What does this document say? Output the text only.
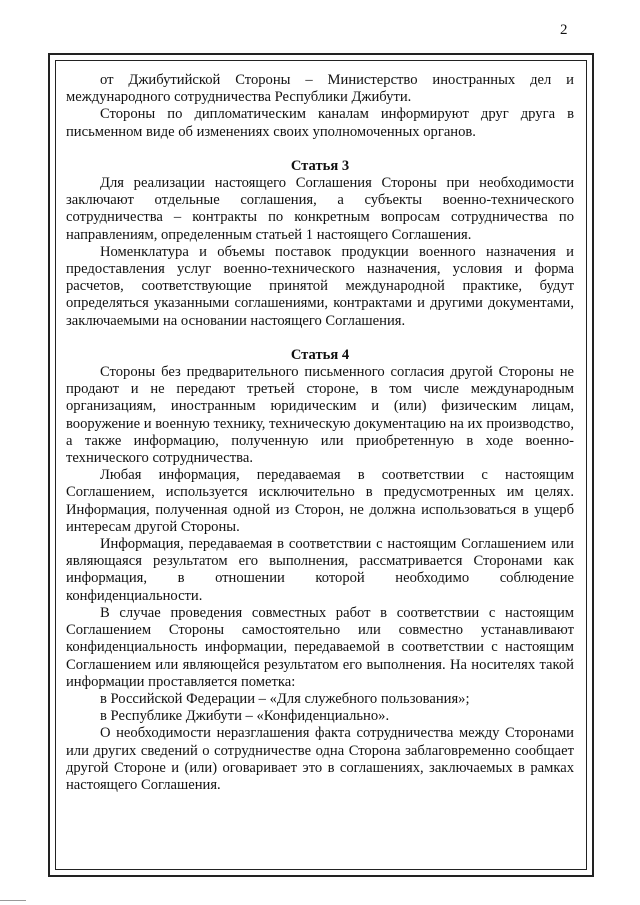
2

от Джибутийской Стороны – Министерство иностранных дел и международного сотрудничества Республики Джибути.

Стороны по дипломатическим каналам информируют друг друга в письменном виде об изменениях своих уполномоченных органов.

Статья 3

Для реализации настоящего Соглашения Стороны при необходимости заключают отдельные соглашения, а субъекты военно-технического сотрудничества – контракты по конкретным вопросам сотрудничества по направлениям, определенным статьей 1 настоящего Соглашения.

Номенклатура и объемы поставок продукции военного назначения и предоставления услуг военно-технического назначения, условия и форма расчетов, соответствующие принятой международной практике, будут определяться указанными соглашениями, контрактами и другими документами, заключаемыми на основании настоящего Соглашения.

Статья 4

Стороны без предварительного письменного согласия другой Стороны не продают и не передают третьей стороне, в том числе международным организациям, иностранным юридическим и (или) физическим лицам, вооружение и военную технику, техническую документацию на их производство, а также информацию, полученную или приобретенную в ходе военно-технического сотрудничества.

Любая информация, передаваемая в соответствии с настоящим Соглашением, используется исключительно в предусмотренных им целях. Информация, полученная одной из Сторон, не должна использоваться в ущерб интересам другой Стороны.

Информация, передаваемая в соответствии с настоящим Соглашением или являющаяся результатом его выполнения, рассматривается Сторонами как информация, в отношении которой необходимо соблюдение конфиденциальности.

В случае проведения совместных работ в соответствии с настоящим Соглашением Стороны самостоятельно или совместно устанавливают конфиденциальность информации, передаваемой в соответствии с настоящим Соглашением или являющейся результатом его выполнения. На носителях такой информации проставляется пометка:

в Российской Федерации – «Для служебного пользования»;

в Республике Джибути – «Конфиденциально».

О необходимости неразглашения факта сотрудничества между Сторонами или других сведений о сотрудничестве одна Сторона заблаговременно сообщает другой Стороне и (или) оговаривает это в соглашениях, заключаемых в рамках настоящего Соглашения.
